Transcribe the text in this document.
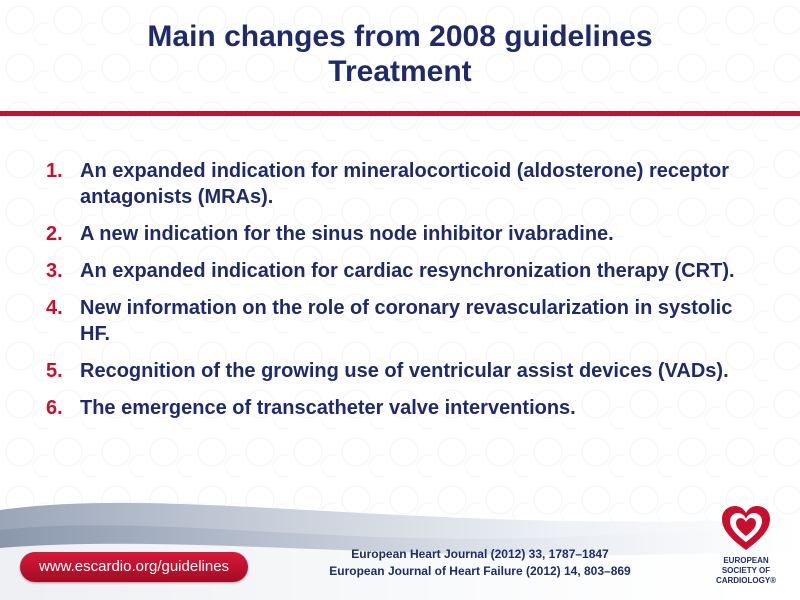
Main changes from 2008 guidelines
Treatment
1. An expanded indication for mineralocorticoid (aldosterone) receptor antagonists (MRAs).
2. A new indication for the sinus node inhibitor ivabradine.
3. An expanded indication for cardiac resynchronization therapy (CRT).
4. New information on the role of coronary revascularization in systolic HF.
5. Recognition of the growing use of ventricular assist devices (VADs).
6. The emergence of transcatheter valve interventions.
www.escardio.org/guidelines
European Heart Journal (2012) 33, 1787–1847
European Journal of Heart Failure (2012) 14, 803–869
EUROPEAN
SOCIETY OF
CARDIOLOGY®
